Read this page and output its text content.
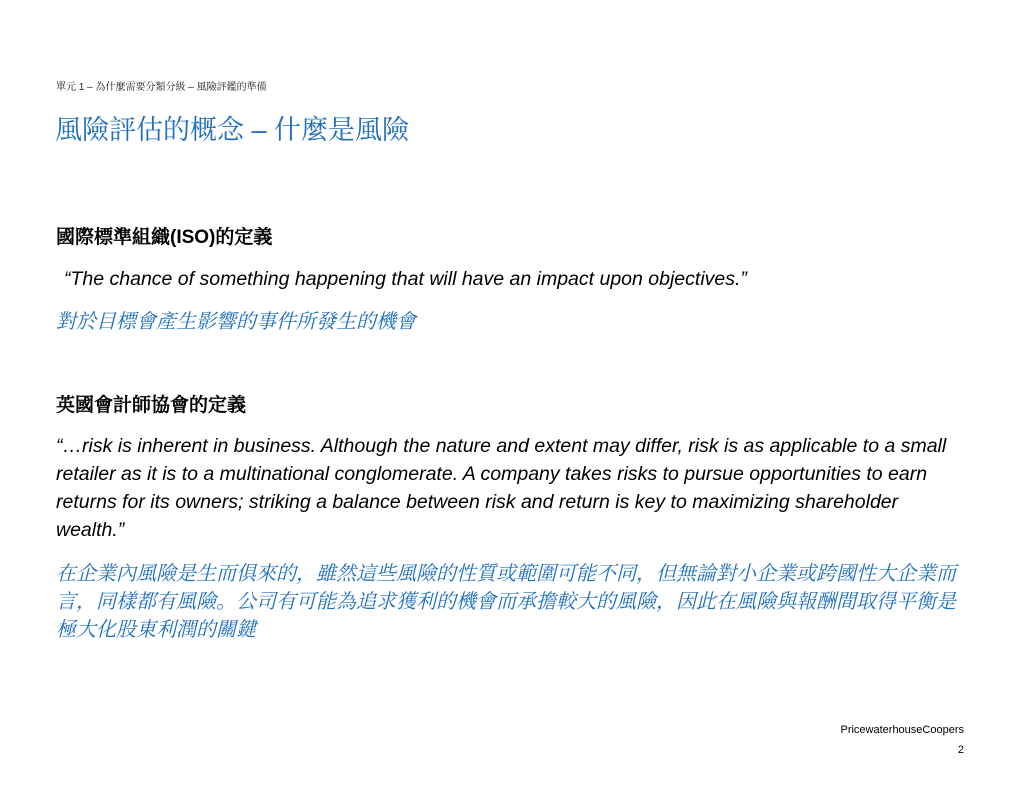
單元 1 – 為什麼需要分類分級 – 風險評鑑的準備
風險評估的概念 – 什麼是風險
國際標準組織(ISO)的定義
“The chance of something happening that will have an impact upon objectives.”
對於目標會產生影響的事件所發生的機會
英國會計師協會的定義
“…risk is inherent in business. Although the nature and extent may differ, risk is as applicable to a small retailer as it is to a multinational conglomerate. A company takes risks to pursue opportunities to earn returns for its owners; striking a balance between risk and return is key to maximizing shareholder wealth.”
在企業內風險是生而俱來的，雖然這些風險的性質或範圍可能不同，但無論對小企業或跨國性大企業而言，同樣都有風險。公司有可能為追求獲利的機會而承擔較大的風險，因此在風險與報酬間取得平衡是極大化股東利潤的關鍵
PricewaterhouseCoopers
2
